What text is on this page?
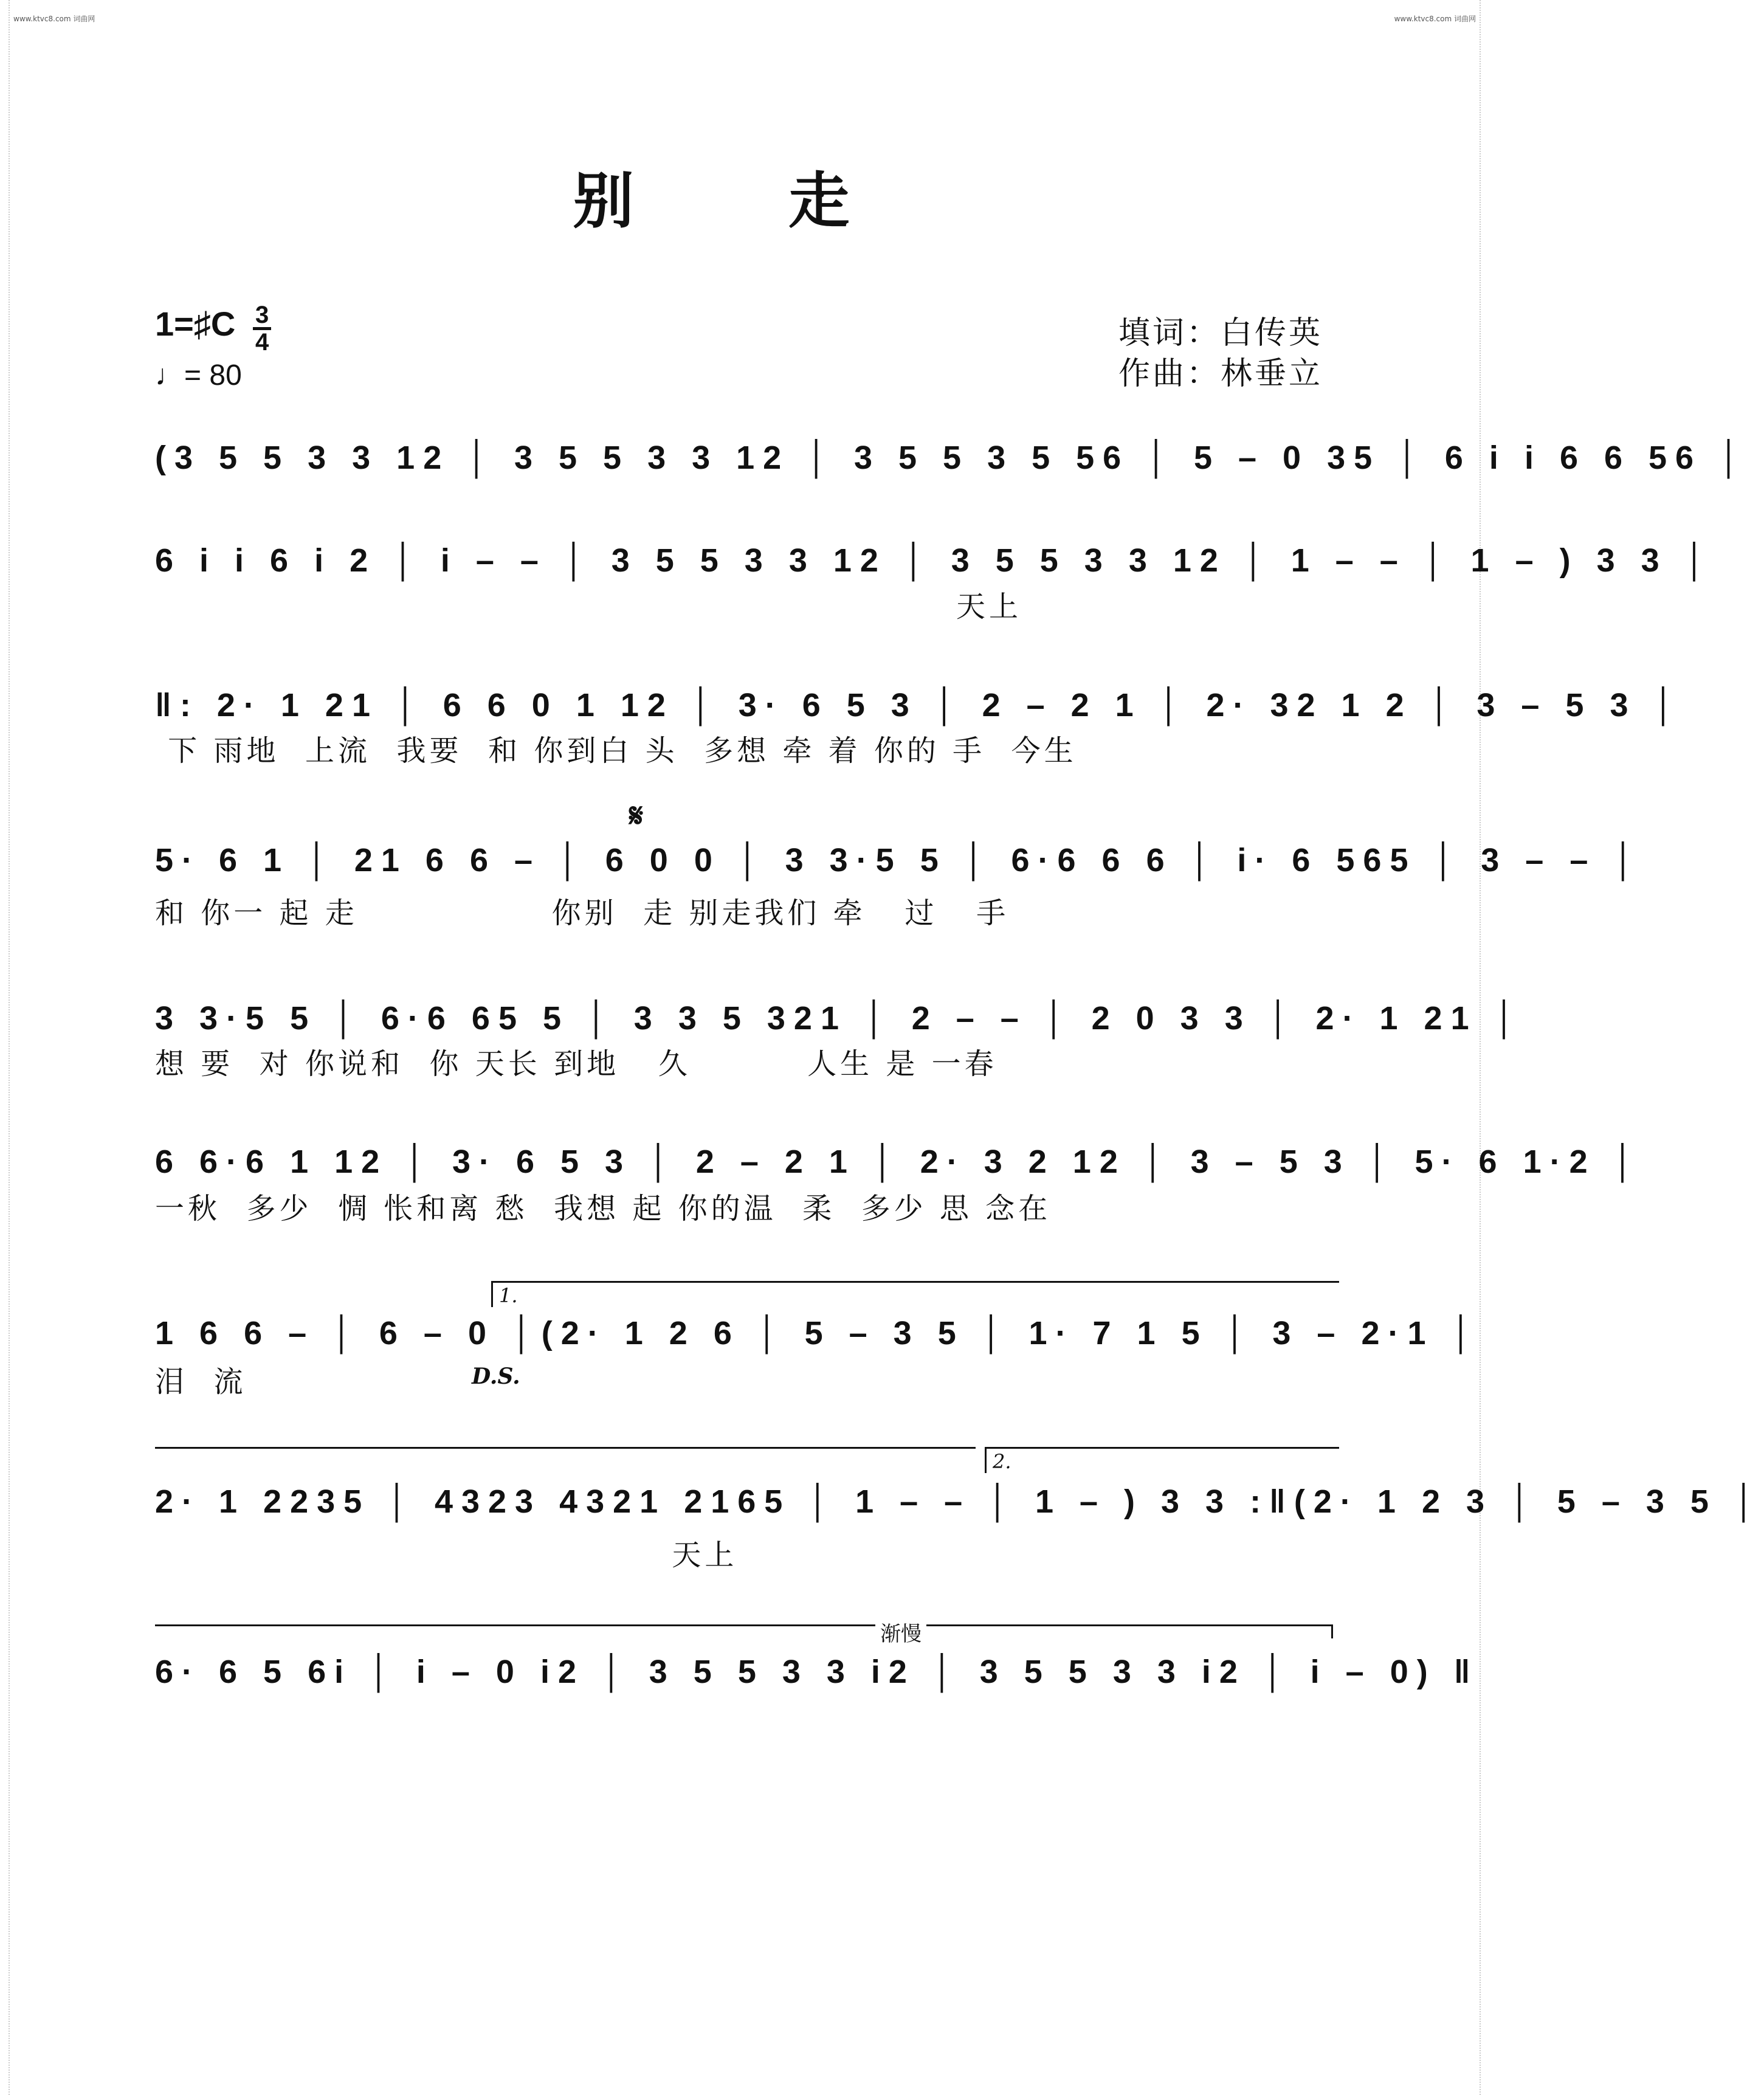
www.ktvc8.com 词曲网	www.ktvc8.com 词曲网
别 走
1=♯C 3
4
♩= 80
填词：白传英
作曲：林垂立
(3 5 5 3 3 12 │ 3 5 5 3 3 12 │ 3 5 5 3 5 56 │ 5 – 0 35 │ 6 i i 6 6 56 │
6 i i 6 i 2 │ i – – │ 3 5 5 3 3 12 │ 3 5 5 3 3 12 │ 1 – – │ 1 – ) 3 3 │
天上
‖: 2· 1 21 │ 6 6 0 1 12 │ 3· 6 5 3 │ 2 – 2 1 │ 2· 32 1 2 │ 3 – 5 3 │
下 雨地  上流  我要  和 你到白 头  多想 牵 着 你的 手  今生
𝄋
5· 6 1 │ 21 6 6 – │ 6 0 0 │ 3 3·5 5 │ 6·6 6 6 │ i· 6 565 │ 3 – – │
和 你一 起 走               你别  走 别走我们 牵   过   手
3 3·5 5 │ 6·6 65 5 │ 3 3 5 321 │ 2 – – │ 2 0 3 3 │ 2· 1 21 │
想 要  对 你说和  你 天长 到地   久         人生 是 一春
6 6·6 1 12 │ 3· 6 5 3 │ 2 – 2 1 │ 2· 3 2 12 │ 3 – 5 3 │ 5· 6 1·2 │
一秋  多少  惆 怅和离 愁  我想 起 你的温  柔  多少 思 念在
1.
1 6 6 – │ 6 – 0 │(2· 1 2 6 │ 5 – 3 5 │ 1· 7 1 5 │ 3 – 2·1 │
D.S.
泪  流
2.
2· 1 2235 │ 4323 4321 2165 │ 1 – – │ 1 – ) 3 3 :‖(2· 1 2 3 │ 5 – 3 5 │
天上
渐慢
6· 6 5 6i │ i – 0 i2 │ 3 5 5 3 3 i2 │ 3 5 5 3 3 i2 │ i – 0) ‖
